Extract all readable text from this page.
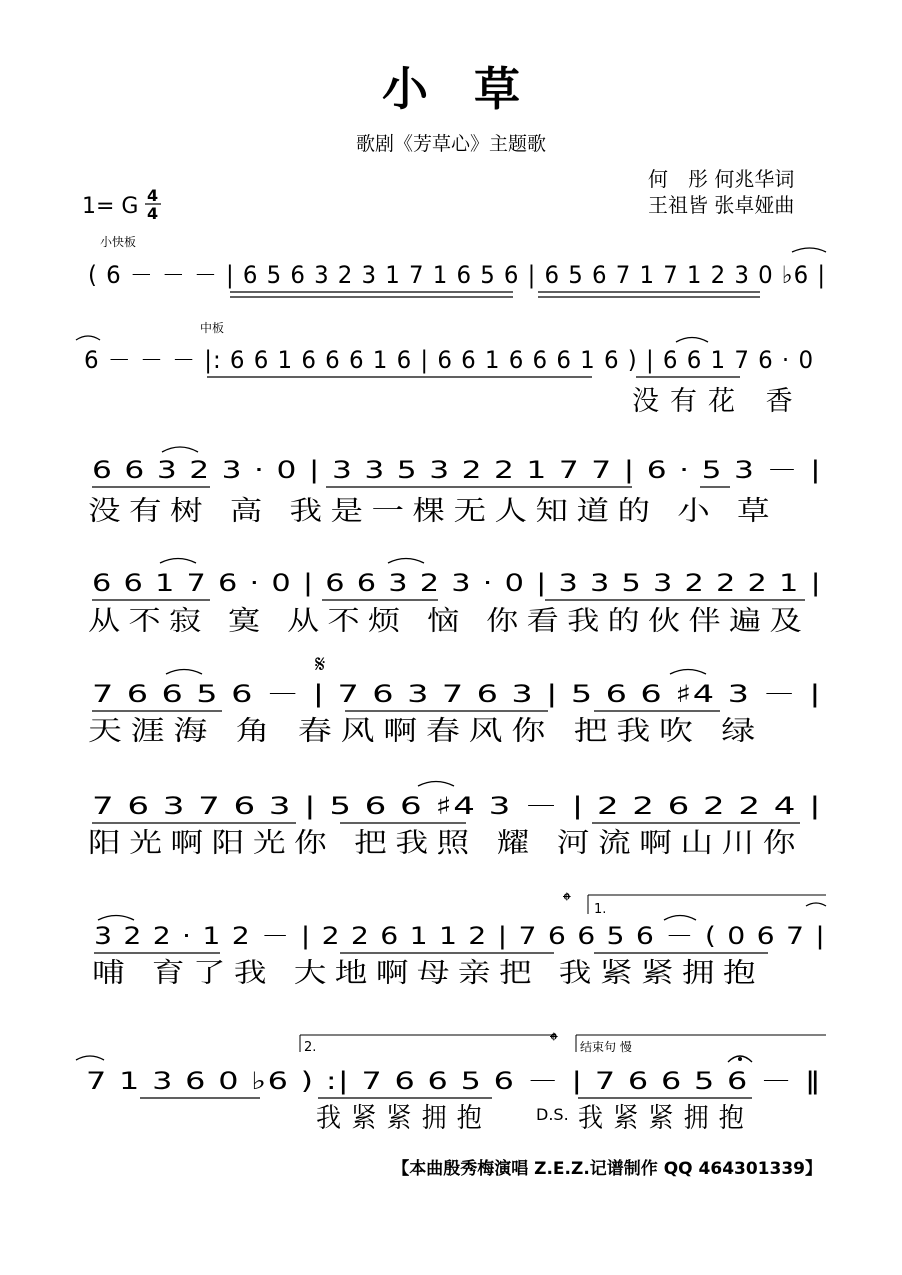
小　草
歌剧《芳草心》主题歌
何　彤 何兆华词
王祖皆 张卓娅曲
1= G 4
4
小快板
( 6 － － － | 6 5 6 3 2 3 1 7 1 6 5 6 | 6 5 6 7 1 7 1 2 3 0 ♭6 |
中板
6 － － － |: 6 6 1 6 6 6 1 6 | 6 6 1 6 6 6 1 6 ) | 6 6 1 7 6 · 0
没有花 香
6 6 3 2 3 · 0 | 3 3 5 3 2 2 1 7 7 | 6 · 5 3 － |
没有树 高 我是一棵无人知道的 小 草
6 6 1 7 6 · 0 | 6 6 3 2 3 · 0 | 3 3 5 3 2 2 2 1 |
从不寂 寞 从不烦 恼 你看我的伙伴遍及
𝄋
7 6 6 5 6 － | 7 6 3 7 6 3 | 5 6 6 ♯4 3 － |
天涯海 角 春风啊春风你 把我吹 绿
7 6 3 7 6 3 | 5 6 6 ♯4 3 － | 2 2 6 2 2 4 |
阳光啊阳光你 把我照 耀 河流啊山川你
𝄌 1.
3 2 2 · 1 2 － | 2 2 6 1 1 2 | 7 6 6 5 6 － ( 0 6 7 |
哺 育了我 大地啊母亲把 我紧紧拥抱
2.	𝄌 结束句 慢
7 1 3 6 0 ♭6 ) :| 7 6 6 5 6 － | 7 6 6 5 6 － ‖
我紧紧拥抱	D.S. 我紧紧拥抱
【本曲殷秀梅演唱 Z.E.Z.记谱制作 QQ 464301339】
